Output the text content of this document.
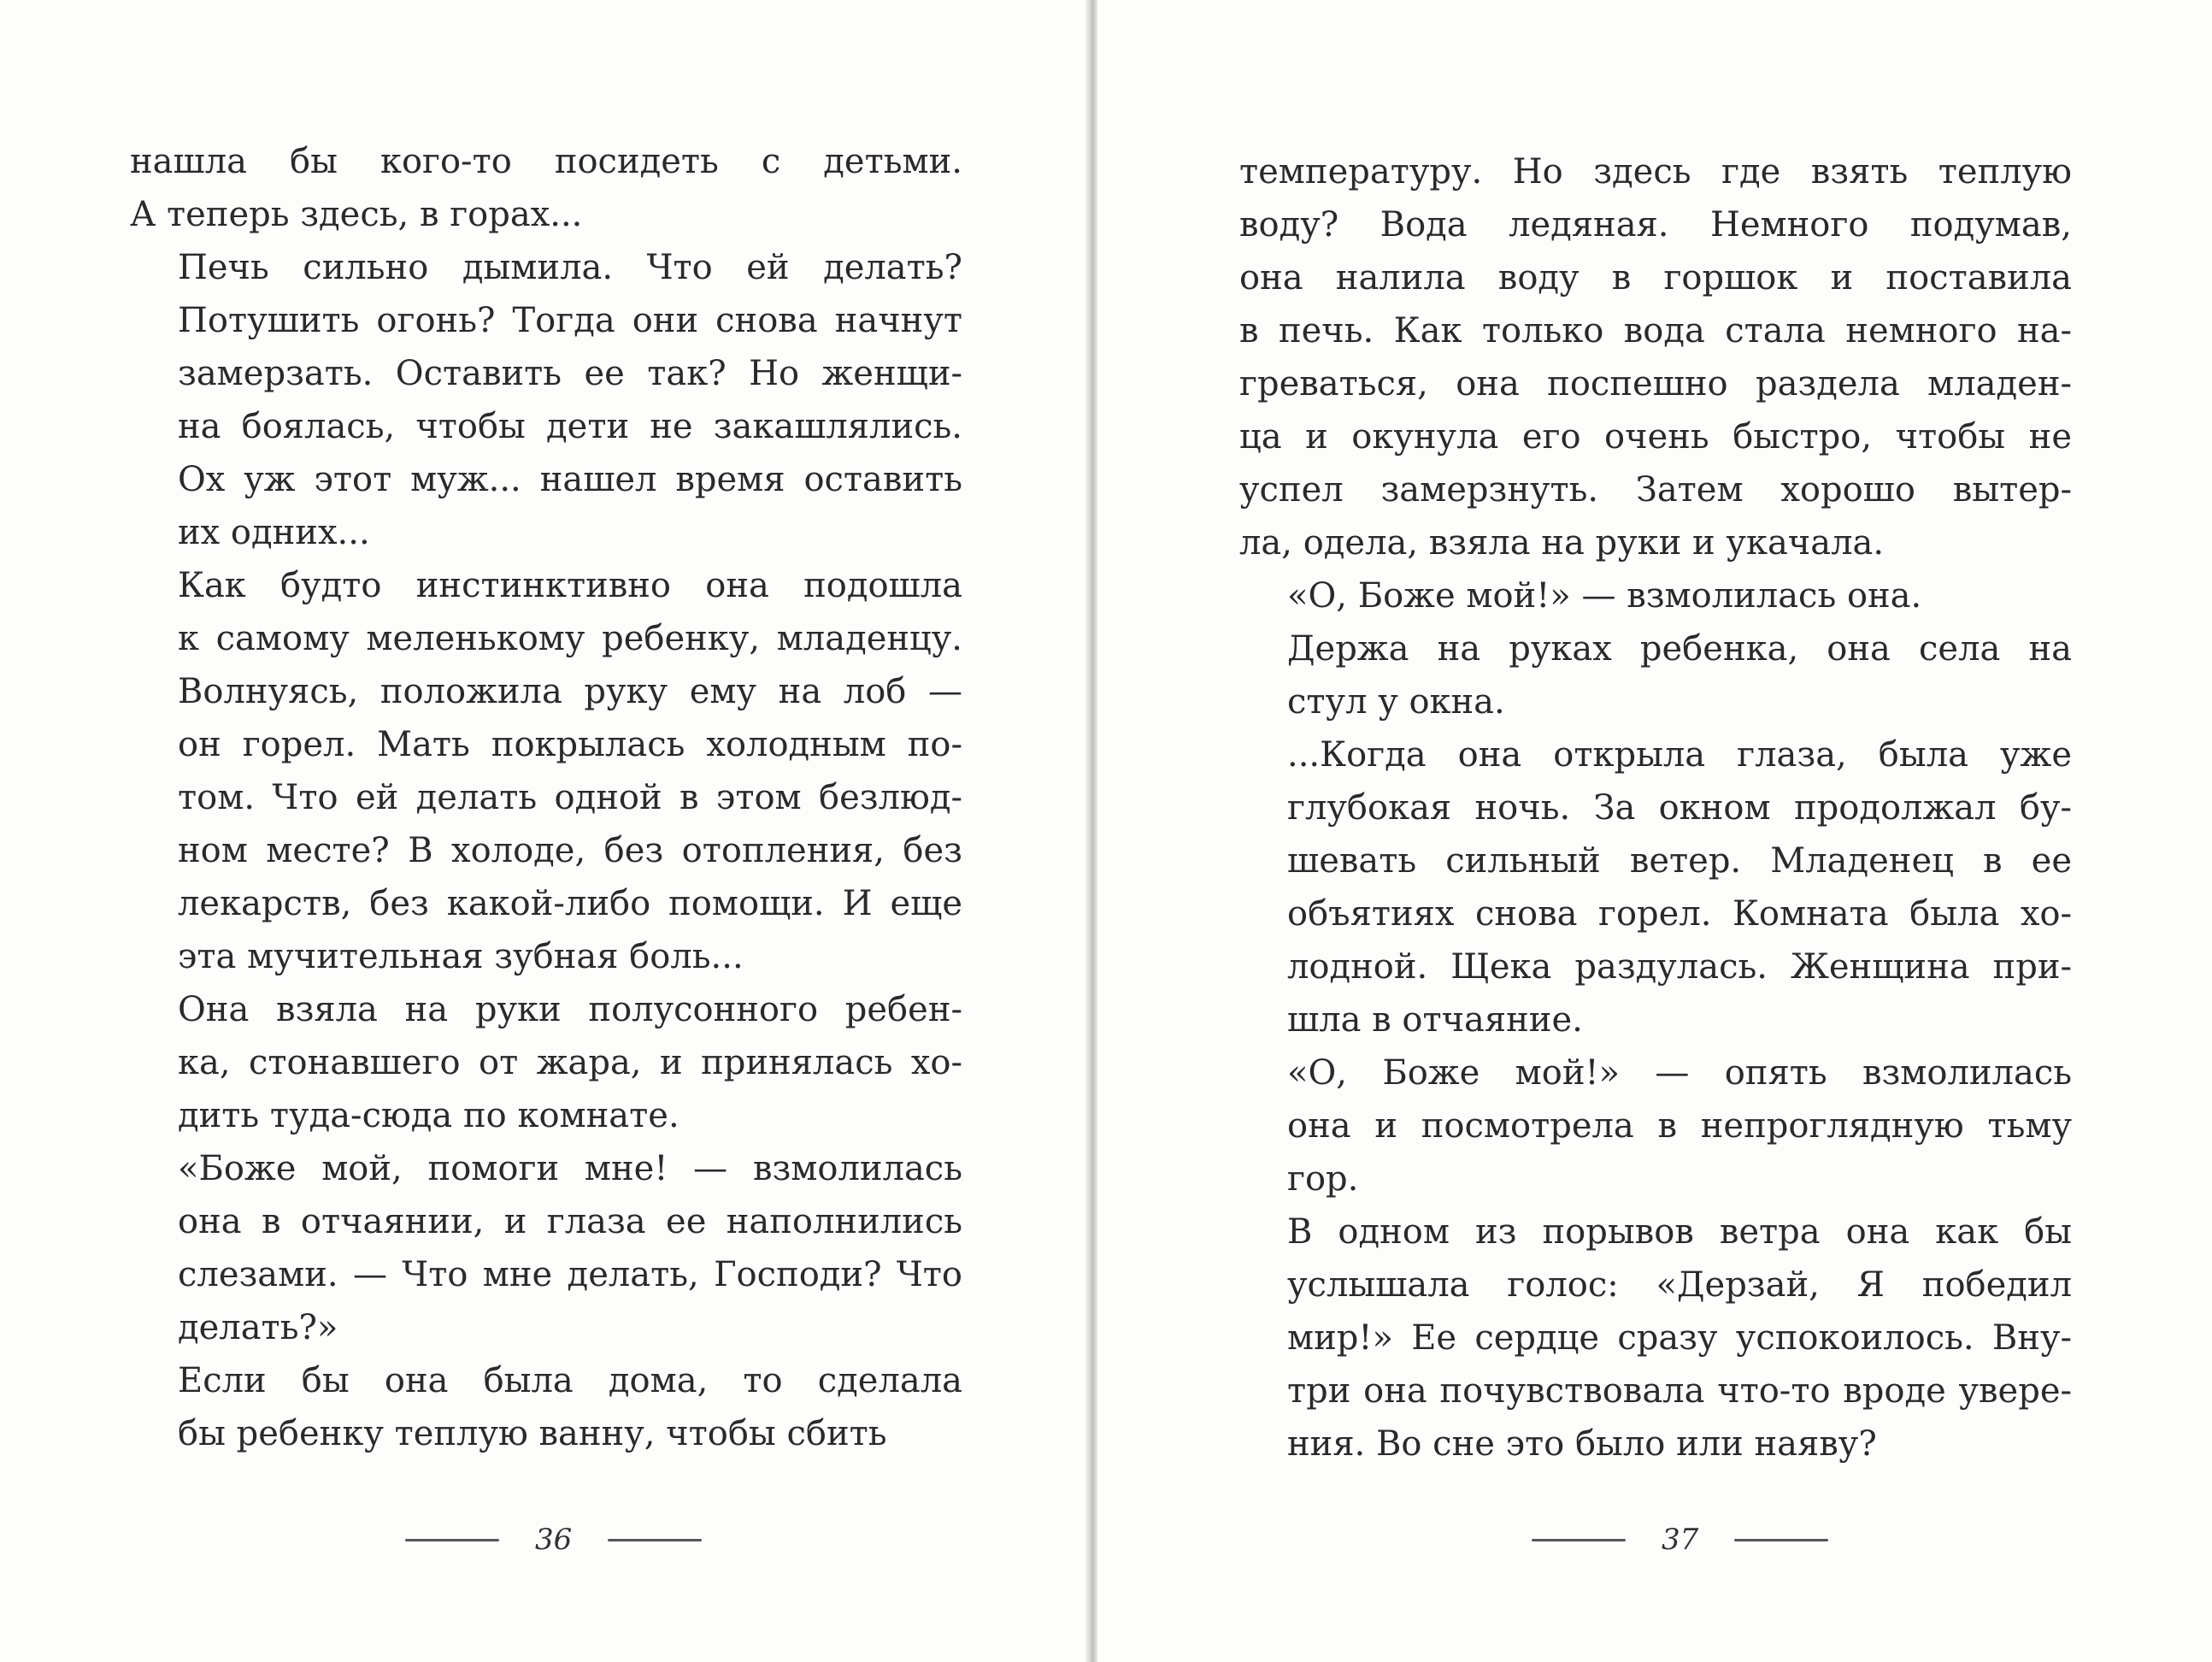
нашла бы кого-то посидеть с детьми.
А теперь здесь, в горах...
Печь сильно дымила. Что ей делать?
Потушить огонь? Тогда они снова начнут
замерзать. Оставить ее так? Но женщи-
на боялась, чтобы дети не закашлялись.
Ох уж этот муж... нашел время оставить
их одних...
Как будто инстинктивно она подошла
к самому меленькому ребенку, младенцу.
Волнуясь, положила руку ему на лоб —
он горел. Мать покрылась холодным по-
том. Что ей делать одной в этом безлюд-
ном месте? В холоде, без отопления, без
лекарств, без какой-либо помощи. И еще
эта мучительная зубная боль...
Она взяла на руки полусонного ребен-
ка, стонавшего от жара, и принялась хо-
дить туда-сюда по комнате.
«Боже мой, помоги мне! — взмолилась
она в отчаянии, и глаза ее наполнились
слезами. — Что мне делать, Господи? Что
делать?»
Если бы она была дома, то сделала
бы ребенку теплую ванну, чтобы сбить
36
температуру. Но здесь где взять теплую
воду? Вода ледяная. Немного подумав,
она налила воду в горшок и поставила
в печь. Как только вода стала немного на-
греваться, она поспешно раздела младен-
ца и окунула его очень быстро, чтобы не
успел замерзнуть. Затем хорошо вытер-
ла, одела, взяла на руки и укачала.
«О, Боже мой!» — взмолилась она.
Держа на руках ребенка, она села на
стул у окна.
...Когда она открыла глаза, была уже
глубокая ночь. За окном продолжал бу-
шевать сильный ветер. Младенец в ее
объятиях снова горел. Комната была хо-
лодной. Щека раздулась. Женщина при-
шла в отчаяние.
«О, Боже мой!» — опять взмолилась
она и посмотрела в непроглядную тьму
гор.
В одном из порывов ветра она как бы
услышала голос: «Дерзай, Я победил
мир!» Ее сердце сразу успокоилось. Вну-
три она почувствовала что-то вроде увере-
ния. Во сне это было или наяву?
37
